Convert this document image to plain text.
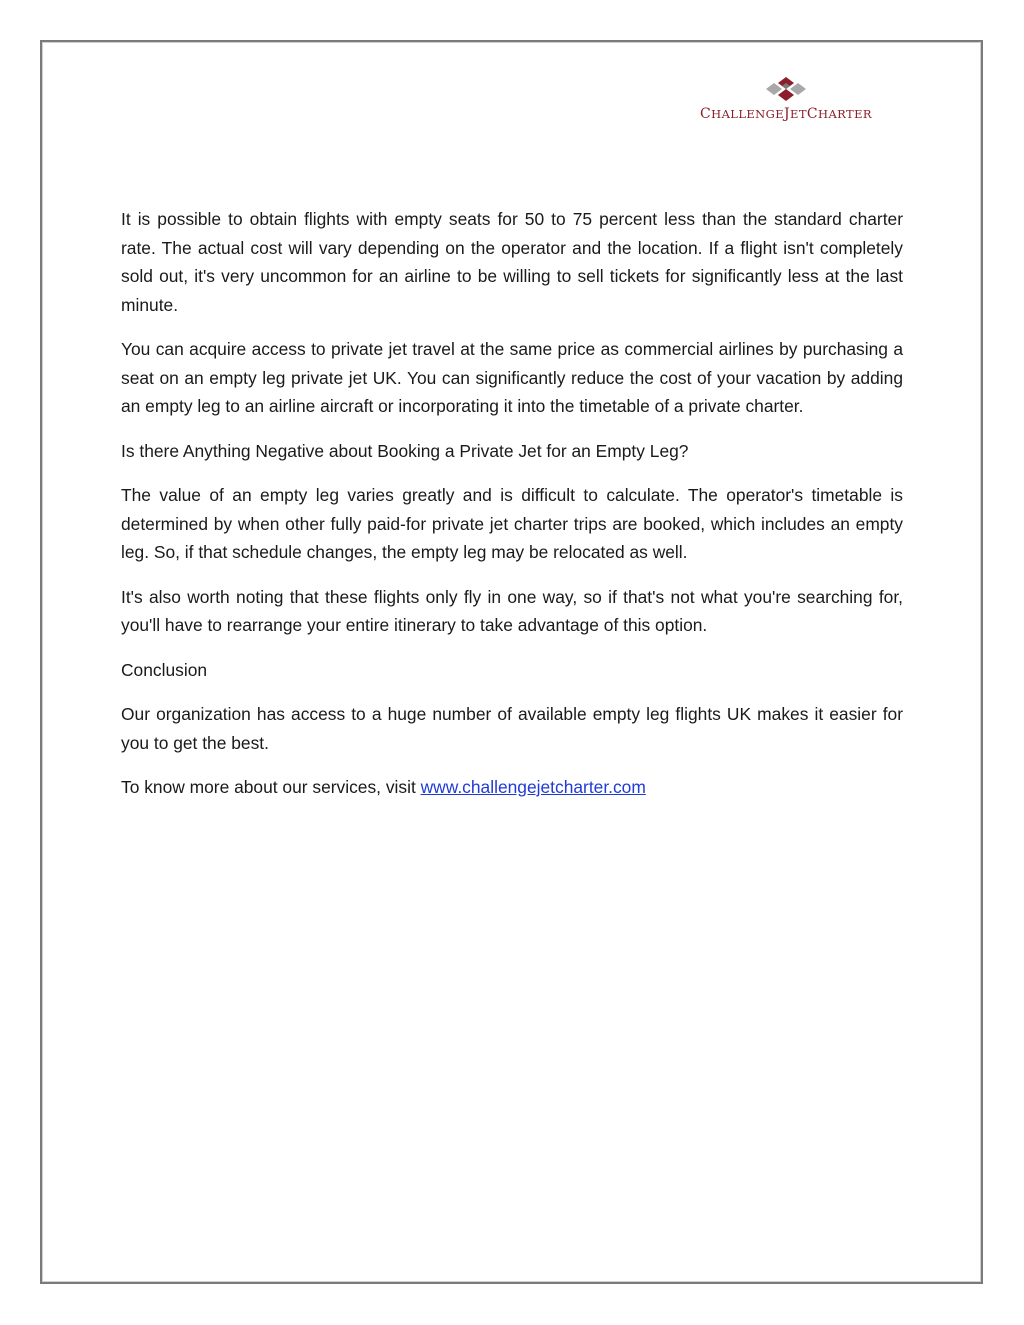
CHALLENGEJETCHARTER

It is possible to obtain flights with empty seats for 50 to 75 percent less than the standard charter rate. The actual cost will vary depending on the operator and the location. If a flight isn't completely sold out, it's very uncommon for an airline to be willing to sell tickets for significantly less at the last minute.

You can acquire access to private jet travel at the same price as commercial airlines by purchasing a seat on an empty leg private jet UK. You can significantly reduce the cost of your vacation by adding an empty leg to an airline aircraft or incorporating it into the timetable of a private charter.

Is there Anything Negative about Booking a Private Jet for an Empty Leg?

The value of an empty leg varies greatly and is difficult to calculate. The operator's timetable is determined by when other fully paid-for private jet charter trips are booked, which includes an empty leg. So, if that schedule changes, the empty leg may be relocated as well.

It's also worth noting that these flights only fly in one way, so if that's not what you're searching for, you'll have to rearrange your entire itinerary to take advantage of this option.

Conclusion

Our organization has access to a huge number of available empty leg flights UK makes it easier for you to get the best.

To know more about our services, visit www.challengejetcharter.com
